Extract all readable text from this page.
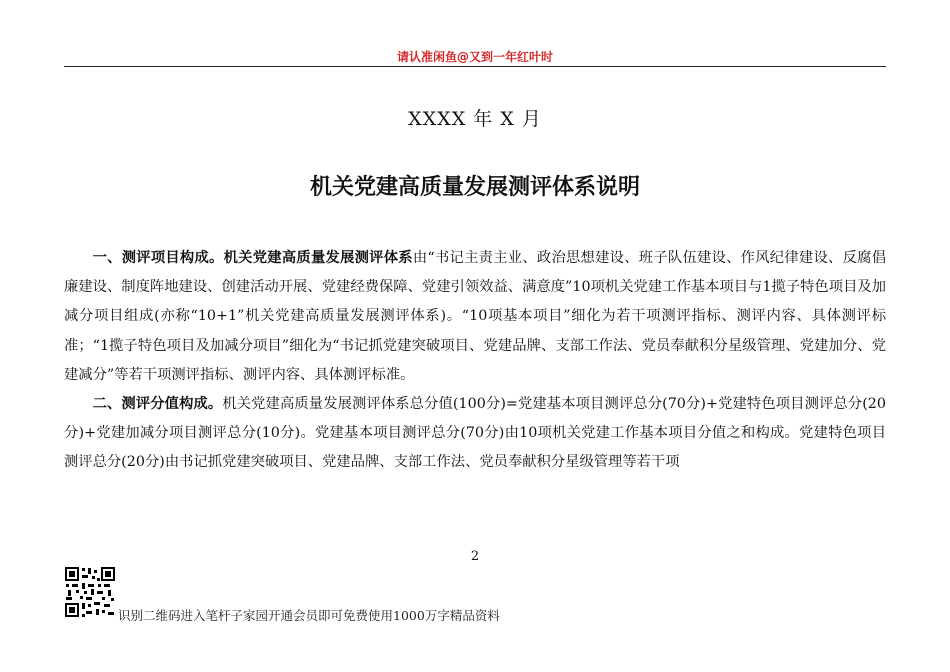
请认准闲鱼@又到一年红叶时
XXXX 年 X 月
机关党建高质量发展测评体系说明

一、测评项目构成。机关党建高质量发展测评体系由“书记主责主业、政治思想建设、班子队伍建设、作风纪律建设、反腐倡廉建设、制度阵地建设、创建活动开展、党建经费保障、党建引领效益、满意度”10项机关党建工作基本项目与1揽子特色项目及加减分项目组成(亦称“10+1”机关党建高质量发展测评体系)。“10项基本项目”细化为若干项测评指标、测评内容、具体测评标准；“1揽子特色项目及加减分项目”细化为“书记抓党建突破项目、党建品牌、支部工作法、党员奉献积分星级管理、党建加分、党建减分”等若干项测评指标、测评内容、具体测评标准。

二、测评分值构成。机关党建高质量发展测评体系总分值(100分)=党建基本项目测评总分(70分)+党建特色项目测评总分(20分)+党建加减分项目测评总分(10分)。党建基本项目测评总分(70分)由10项机关党建工作基本项目分值之和构成。党建特色项目测评总分(20分)由书记抓党建突破项目、党建品牌、支部工作法、党员奉献积分星级管理等若干项

2
识别二维码进入笔杆子家园开通会员即可免费使用1000万字精品资料
